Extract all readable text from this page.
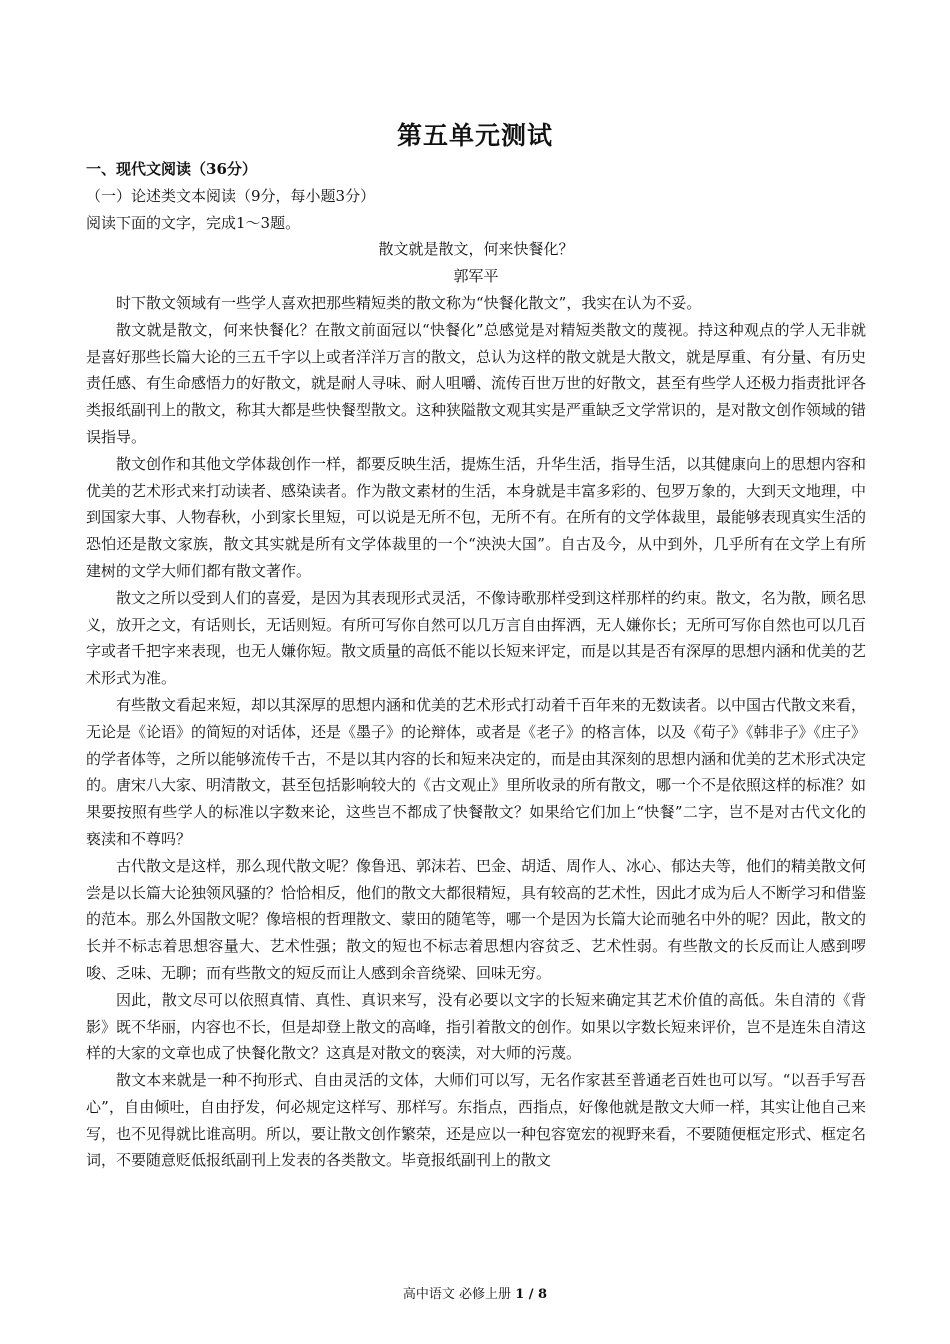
第五单元测试

一、现代文阅读（36分）

（一）论述类文本阅读（9分，每小题3分）

阅读下面的文字，完成1～3题。

散文就是散文，何来快餐化？

郭军平

时下散文领域有一些学人喜欢把那些精短类的散文称为“快餐化散文”，我实在认为不妥。

散文就是散文，何来快餐化？在散文前面冠以“快餐化”总感觉是对精短类散文的蔑视。持这种观点的学人无非就是喜好那些长篇大论的三五千字以上或者洋洋万言的散文，总认为这样的散文就是大散文，就是厚重、有分量、有历史责任感、有生命感悟力的好散文，就是耐人寻味、耐人咀嚼、流传百世万世的好散文，甚至有些学人还极力指责批评各类报纸副刊上的散文，称其大都是些快餐型散文。这种狭隘散文观其实是严重缺乏文学常识的，是对散文创作领域的错误指导。

散文创作和其他文学体裁创作一样，都要反映生活，提炼生活，升华生活，指导生活，以其健康向上的思想内容和优美的艺术形式来打动读者、感染读者。作为散文素材的生活，本身就是丰富多彩的、包罗万象的，大到天文地理，中到国家大事、人物春秋，小到家长里短，可以说是无所不包，无所不有。在所有的文学体裁里，最能够表现真实生活的恐怕还是散文家族，散文其实就是所有文学体裁里的一个“泱泱大国”。自古及今，从中到外，几乎所有在文学上有所建树的文学大师们都有散文著作。

散文之所以受到人们的喜爱，是因为其表现形式灵活，不像诗歌那样受到这样那样的约束。散文，名为散，顾名思义，放开之文，有话则长，无话则短。有所可写你自然可以几万言自由挥洒，无人嫌你长；无所可写你自然也可以几百字或者千把字来表现，也无人嫌你短。散文质量的高低不能以长短来评定，而是以其是否有深厚的思想内涵和优美的艺术形式为准。

有些散文看起来短，却以其深厚的思想内涵和优美的艺术形式打动着千百年来的无数读者。以中国古代散文来看，无论是《论语》的简短的对话体，还是《墨子》的论辩体，或者是《老子》的格言体，以及《荀子》《韩非子》《庄子》的学者体等，之所以能够流传千古，不是以其内容的长和短来决定的，而是由其深刻的思想内涵和优美的艺术形式决定的。唐宋八大家、明清散文，甚至包括影响较大的《古文观止》里所收录的所有散文，哪一个不是依照这样的标准？如果要按照有些学人的标准以字数来论，这些岂不都成了快餐散文？如果给它们加上“快餐”二字，岂不是对古代文化的亵渎和不尊吗？

古代散文是这样，那么现代散文呢？像鲁迅、郭沫若、巴金、胡适、周作人、冰心、郁达夫等，他们的精美散文何尝是以长篇大论独领风骚的？恰恰相反，他们的散文大都很精短，具有较高的艺术性，因此才成为后人不断学习和借鉴的范本。那么外国散文呢？像培根的哲理散文、蒙田的随笔等，哪一个是因为长篇大论而驰名中外的呢？因此，散文的长并不标志着思想容量大、艺术性强；散文的短也不标志着思想内容贫乏、艺术性弱。有些散文的长反而让人感到啰唆、乏味、无聊；而有些散文的短反而让人感到余音绕梁、回味无穷。

因此，散文尽可以依照真情、真性、真识来写，没有必要以文字的长短来确定其艺术价值的高低。朱自清的《背影》既不华丽，内容也不长，但是却登上散文的高峰，指引着散文的创作。如果以字数长短来评价，岂不是连朱自清这样的大家的文章也成了快餐化散文？这真是对散文的亵渎，对大师的污蔑。

散文本来就是一种不拘形式、自由灵活的文体，大师们可以写，无名作家甚至普通老百姓也可以写。“以吾手写吾心”，自由倾吐，自由抒发，何必规定这样写、那样写。东指点，西指点，好像他就是散文大师一样，其实让他自己来写，也不见得就比谁高明。所以，要让散文创作繁荣，还是应以一种包容宽宏的视野来看，不要随便框定形式、框定名词，不要随意贬低报纸副刊上发表的各类散文。毕竟报纸副刊上的散文

高中语文 必修上册 1 / 8
